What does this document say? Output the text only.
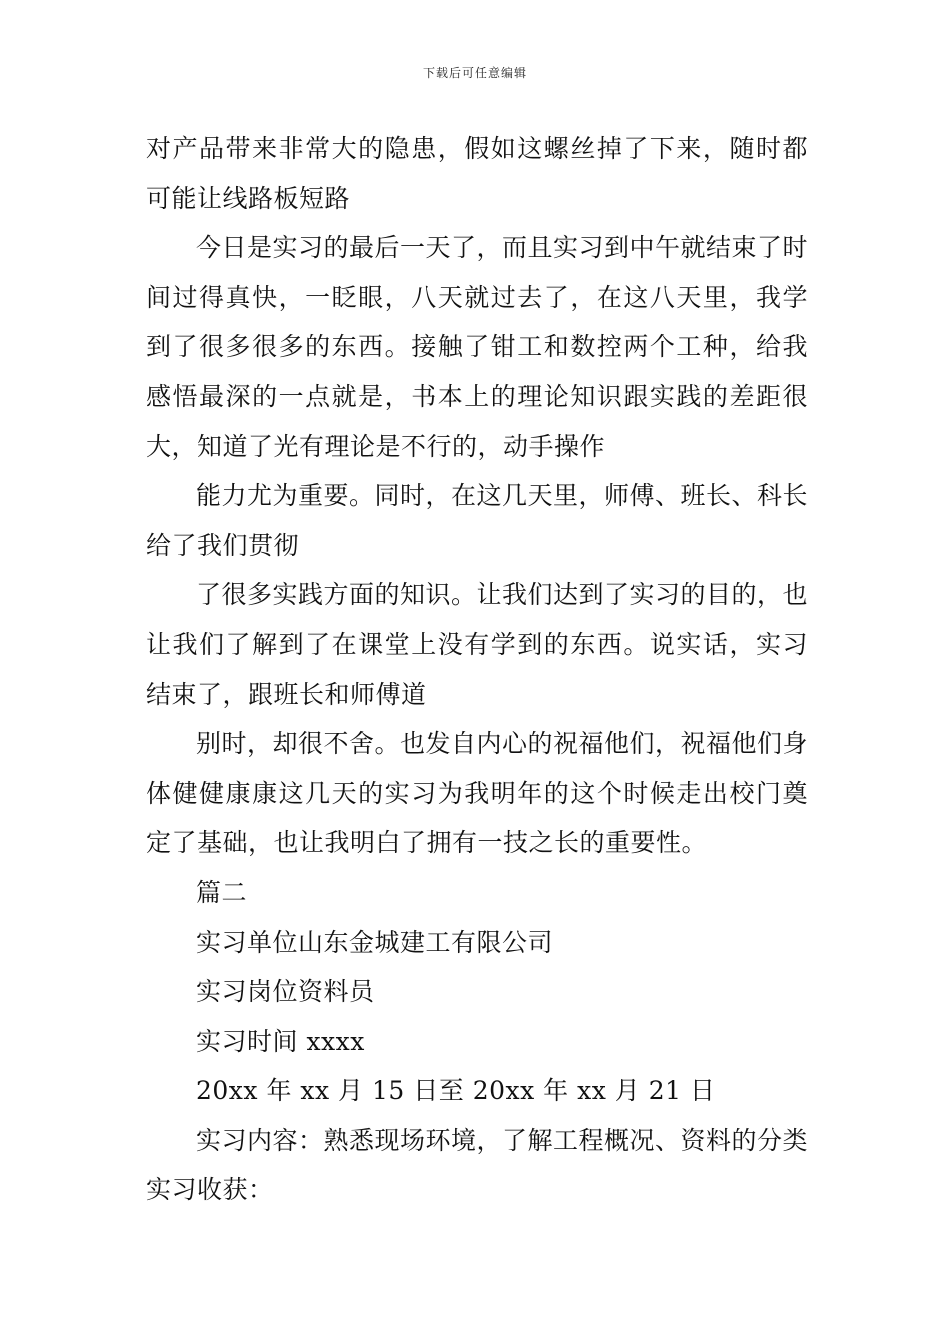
下载后可任意编辑

对产品带来非常大的隐患，假如这螺丝掉了下来，随时都可能让线路板短路

今日是实习的最后一天了，而且实习到中午就结束了时间过得真快，一眨眼，八天就过去了，在这八天里，我学到了很多很多的东西。接触了钳工和数控两个工种，给我感悟最深的一点就是，书本上的理论知识跟实践的差距很大，知道了光有理论是不行的，动手操作

能力尤为重要。同时，在这几天里，师傅、班长、科长给了我们贯彻

了很多实践方面的知识。让我们达到了实习的目的，也让我们了解到了在课堂上没有学到的东西。说实话，实习结束了，跟班长和师傅道

别时，却很不舍。也发自内心的祝福他们，祝福他们身体健健康康这几天的实习为我明年的这个时候走出校门奠定了基础，也让我明白了拥有一技之长的重要性。

篇二

实习单位山东金城建工有限公司

实习岗位资料员

实习时间 xxxx

20xx 年 xx 月 15 日至 20xx 年 xx 月 21 日

实习内容：熟悉现场环境，了解工程概况、资料的分类实习收获：
